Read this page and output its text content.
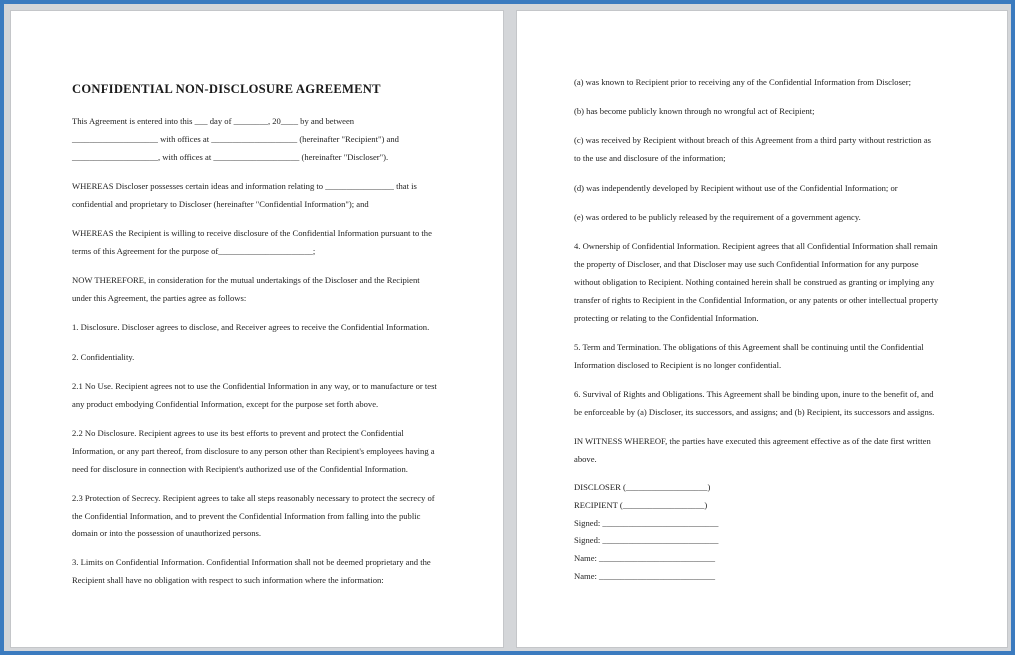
CONFIDENTIAL NON-DISCLOSURE AGREEMENT
This Agreement is entered into this ___ day of ________, 20____ by and between
____________________ with offices at ____________________ (hereinafter "Recipient") and
____________________, with offices at ____________________ (hereinafter "Discloser").
WHEREAS Discloser possesses certain ideas and information relating to ________________ that is
confidential and proprietary to Discloser (hereinafter "Confidential Information"); and
WHEREAS the Recipient is willing to receive disclosure of the Confidential Information pursuant to the
terms of this Agreement for the purpose of______________________;
NOW THEREFORE, in consideration for the mutual undertakings of the Discloser and the Recipient
under this Agreement, the parties agree as follows:
1. Disclosure. Discloser agrees to disclose, and Receiver agrees to receive the Confidential Information.
2. Confidentiality.
2.1 No Use. Recipient agrees not to use the Confidential Information in any way, or to manufacture or test
any product embodying Confidential Information, except for the purpose set forth above.
2.2 No Disclosure. Recipient agrees to use its best efforts to prevent and protect the Confidential
Information, or any part thereof, from disclosure to any person other than Recipient's employees having a
need for disclosure in connection with Recipient's authorized use of the Confidential Information.
2.3 Protection of Secrecy. Recipient agrees to take all steps reasonably necessary to protect the secrecy of
the Confidential Information, and to prevent the Confidential Information from falling into the public
domain or into the possession of unauthorized persons.
3. Limits on Confidential Information. Confidential Information shall not be deemed proprietary and the
Recipient shall have no obligation with respect to such information where the information:
(a) was known to Recipient prior to receiving any of the Confidential Information from Discloser;
(b) has become publicly known through no wrongful act of Recipient;
(c) was received by Recipient without breach of this Agreement from a third party without restriction as
to the use and disclosure of the information;
(d) was independently developed by Recipient without use of the Confidential Information; or
(e) was ordered to be publicly released by the requirement of a government agency.
4. Ownership of Confidential Information. Recipient agrees that all Confidential Information shall remain
the property of Discloser, and that Discloser may use such Confidential Information for any purpose
without obligation to Recipient. Nothing contained herein shall be construed as granting or implying any
transfer of rights to Recipient in the Confidential Information, or any patents or other intellectual property
protecting or relating to the Confidential Information.
5. Term and Termination. The obligations of this Agreement shall be continuing until the Confidential
Information disclosed to Recipient is no longer confidential.
6. Survival of Rights and Obligations. This Agreement shall be binding upon, inure to the benefit of, and
be enforceable by (a) Discloser, its successors, and assigns; and (b) Recipient, its successors and assigns.
IN WITNESS WHEREOF, the parties have executed this agreement effective as of the date first written
above.
DISCLOSER (___________________)
RECIPIENT (___________________)
Signed: ___________________________
Signed: ___________________________
Name: ___________________________
Name: ___________________________
